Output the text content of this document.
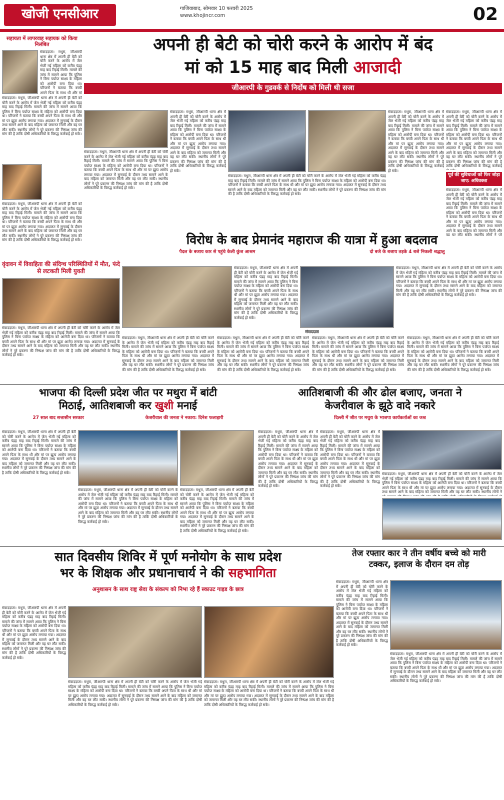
खोजी एनसीआर	गाजियाबाद, सोमवार 10 फरवरी 2025
www.khojincr.com	02
सहायता में लापरवाह सहायक को किया निलंबित
संवाददाता। मथुरा, जीआरपी थाना क्षेत्र में अपनी ही बेटी को चोरी करने के आरोप में जेल भेजी गई महिला को करीब पंद्रह माह बाद रिहाई मिली। मामले की जांच में सामने आया कि पुलिस ने बिना पर्याप्त साक्ष्य के महिला को आरोपी बना दिया था। परिजनों ने बताया कि बच्ची अपने पिता के साथ थी और मां
संवाददाता। मथुरा, जीआरपी थाना क्षेत्र में अपनी ही बेटी को चोरी करने के आरोप में जेल भेजी गई महिला को करीब पंद्रह माह बाद रिहाई मिली। मामले की जांच में सामने आया कि पुलिस ने बिना पर्याप्त साक्ष्य के महिला को आरोपी बना दिया था। परिजनों ने बताया कि बच्ची अपने पिता के साथ थी और मां पर झूठा आरोप लगाया गया। अदालत में सुनवाई के दौरान तथ्य सामने आने के बाद महिला को जमानत मिली और वह घर लौट सकी। स्थानीय लोगों ने पूरे प्रकरण की निष्पक्ष जांच की मांग की है ताकि दोषी अधिकारियों के विरुद्ध कार्रवाई हो सके।
संवाददाता। मथुरा, जीआरपी थाना क्षेत्र में अपनी ही बेटी को चोरी करने के आरोप में जेल भेजी गई महिला को करीब पंद्रह माह बाद रिहाई मिली। मामले की जांच में सामने आया कि पुलिस ने बिना पर्याप्त साक्ष्य के महिला को आरोपी बना दिया था। परिजनों ने बताया कि बच्ची अपने पिता के साथ थी और मां पर झूठा आरोप लगाया गया। अदालत में सुनवाई के दौरान तथ्य सामने आने के बाद महिला को जमानत मिली और वह घर लौट सकी। स्थानीय लोगों ने पूरे प्रकरण की निष्पक्ष जांच की मांग की है ताकि दोषी अधिकारियों के विरुद्ध कार्रवाई हो सके।
अपनी ही बेटी को चोरी करने के आरोप में बंद
मां को 15 माह बाद मिली आजादी
जीआरपी के गुडवर्क से निर्दोष को मिली थी सजा
संवाददाता। मथुरा, जीआरपी थाना क्षेत्र में अपनी ही बेटी को चोरी करने के आरोप में जेल भेजी गई महिला को करीब पंद्रह माह बाद रिहाई मिली। मामले की जांच में सामने आया कि पुलिस ने बिना पर्याप्त साक्ष्य के महिला को आरोपी बना दिया था। परिजनों ने बताया कि बच्ची अपने पिता के साथ थी और मां पर झूठा आरोप लगाया गया। अदालत में सुनवाई के दौरान तथ्य सामने आने के बाद महिला को जमानत मिली और वह घर लौट सकी। स्थानीय लोगों ने पूरे प्रकरण की निष्पक्ष जांच की मांग की है ताकि दोषी अधिकारियों के विरुद्ध कार्रवाई हो सके।
संवाददाता। मथुरा, जीआरपी थाना क्षेत्र में अपनी ही बेटी को चोरी करने के आरोप में जेल भेजी गई महिला को करीब पंद्रह माह बाद रिहाई मिली। मामले की जांच में सामने आया कि पुलिस ने बिना पर्याप्त साक्ष्य के महिला को आरोपी बना दिया था। परिजनों ने बताया कि बच्ची अपने पिता के साथ थी और मां पर झूठा आरोप लगाया गया। अदालत में सुनवाई के दौरान तथ्य सामने आने के बाद महिला को जमानत मिली और वह घर लौट सकी। स्थानीय लोगों ने पूरे प्रकरण की निष्पक्ष जांच की मांग की है ताकि दोषी अधिकारियों के विरुद्ध कार्रवाई हो सके।
संवाददाता। मथुरा, जीआरपी थाना क्षेत्र में अपनी ही बेटी को चोरी करने के आरोप में जेल भेजी गई महिला को करीब पंद्रह माह बाद रिहाई मिली। मामले की जांच में सामने आया कि पुलिस ने बिना पर्याप्त साक्ष्य के महिला को आरोपी बना दिया था। परिजनों ने बताया कि बच्ची अपने पिता के साथ थी और मां पर झूठा आरोप लगाया गया। अदालत में सुनवाई के दौरान तथ्य सामने आने के बाद महिला को जमानत मिली और वह घर लौट सकी। स्थानीय लोगों ने पूरे प्रकरण की निष्पक्ष जांच की मांग की है ताकि दोषी अधिकारियों के विरुद्ध कार्रवाई हो सके।
संवाददाता। मथुरा, जीआरपी थाना क्षेत्र में अपनी ही बेटी को चोरी करने के आरोप में जेल भेजी गई महिला को करीब पंद्रह माह बाद रिहाई मिली। मामले की जांच में सामने आया कि पुलिस ने बिना पर्याप्त साक्ष्य के महिला को आरोपी बना दिया था। परिजनों ने बताया कि बच्ची अपने पिता के साथ थी और मां पर झूठा आरोप लगाया गया। अदालत में सुनवाई के दौरान तथ्य सामने आने के बाद महिला को जमानत मिली और वह घर लौट सकी। स्थानीय लोगों ने पूरे प्रकरण की निष्पक्ष जांच की मांग की है ताकि दोषी अधिकारियों के विरुद्ध कार्रवाई हो सके।
संवाददाता। मथुरा, जीआरपी थाना क्षेत्र में अपनी ही बेटी को चोरी करने के आरोप में जेल भेजी गई महिला को करीब पंद्रह माह बाद रिहाई मिली। मामले की जांच में सामने आया कि पुलिस ने बिना पर्याप्त साक्ष्य के महिला को आरोपी बना दिया था। परिजनों ने बताया कि बच्ची अपने पिता के साथ थी और मां पर झूठा आरोप लगाया गया। अदालत में सुनवाई के दौरान तथ्य सामने आने के बाद महिला को जमानत मिली और वह घर लौट सकी। स्थानीय लोगों ने पूरे प्रकरण की निष्पक्ष जांच की मांग की है ताकि दोषी अधिकारियों के विरुद्ध कार्रवाई
पूर्व की सुविधाओं को फिर जोड़ा जाए: अधिवक्ता
संवाददाता। मथुरा, जीआरपी थाना क्षेत्र में अपनी ही बेटी को चोरी करने के आरोप में जेल भेजी गई महिला को करीब पंद्रह माह बाद रिहाई मिली। मामले की जांच में सामने आया कि पुलिस ने बिना पर्याप्त साक्ष्य के महिला को आरोपी बना दिया था। परिजनों ने बताया कि बच्ची अपने पिता के साथ थी और मां पर झूठा आरोप लगाया गया। अदालत में सुनवाई के दौरान तथ्य सामने आने के बाद महिला को जमानत मिली और वह घर लौट सकी। स्थानीय लोगों ने पूरे
वृंदावन में विवाहिता की संदिग्ध परिस्थितियों में मौत, फंदे से लटकती मिली युवती
संवाददाता। मथुरा, जीआरपी थाना क्षेत्र में अपनी ही बेटी को चोरी करने के आरोप में जेल भेजी गई महिला को करीब पंद्रह माह बाद रिहाई मिली। मामले की जांच में सामने आया कि पुलिस ने बिना पर्याप्त साक्ष्य के महिला को आरोपी बना दिया था। परिजनों ने बताया कि बच्ची अपने पिता के साथ थी और मां पर झूठा आरोप लगाया गया। अदालत में सुनवाई के दौरान तथ्य सामने आने के बाद महिला को जमानत मिली और वह घर लौट सकी। स्थानीय लोगों ने पूरे प्रकरण की निष्पक्ष जांच की मांग की है ताकि दोषी अधिकारियों के विरुद्ध कार्रवाई हो सके।
विरोध के बाद प्रेमानंद महाराज की यात्रा में हुआ बदलाव
पैदल के बजाय कार से पहुंचे केली कुंज आश्रम	दो बजे के बजाय तड़के 4 बजे निकली श्रद्धालु
संवाददाता। मथुरा, जीआरपी थाना क्षेत्र में अपनी ही बेटी को चोरी करने के आरोप में जेल भेजी गई महिला को करीब पंद्रह माह बाद रिहाई मिली। मामले की जांच में सामने आया कि पुलिस ने बिना पर्याप्त साक्ष्य के महिला को आरोपी बना दिया था। परिजनों ने बताया कि बच्ची अपने पिता के साथ थी और मां पर झूठा आरोप लगाया गया। अदालत में सुनवाई के दौरान तथ्य सामने आने के बाद महिला को जमानत मिली और वह घर लौट सकी। स्थानीय लोगों ने पूरे प्रकरण की निष्पक्ष जांच की मांग की है ताकि दोषी अधिकारियों के विरुद्ध कार्रवाई हो सके।
संवाददाता। मथुरा, जीआरपी थाना क्षेत्र में अपनी ही बेटी को चोरी करने के आरोप में जेल भेजी गई महिला को करीब पंद्रह माह बाद रिहाई मिली। मामले की जांच में सामने आया कि पुलिस ने बिना पर्याप्त साक्ष्य के महिला को आरोपी बना दिया था। परिजनों ने बताया कि बच्ची अपने पिता के साथ थी और मां पर झूठा आरोप लगाया गया। अदालत में सुनवाई के दौरान तथ्य सामने आने के बाद महिला को जमानत मिली और वह घर लौट सकी। स्थानीय लोगों ने पूरे प्रकरण की निष्पक्ष जांच की मांग की है ताकि दोषी अधिकारियों के विरुद्ध कार्रवाई हो सके।
संवाददाता
संवाददाता। मथुरा, जीआरपी थाना क्षेत्र में अपनी ही बेटी को चोरी करने के आरोप में जेल भेजी गई महिला को करीब पंद्रह माह बाद रिहाई मिली। मामले की जांच में सामने आया कि पुलिस ने बिना पर्याप्त साक्ष्य के महिला को आरोपी बना दिया था। परिजनों ने बताया कि बच्ची अपने पिता के साथ थी और मां पर झूठा आरोप लगाया गया। अदालत में सुनवाई के दौरान तथ्य सामने आने के बाद महिला को जमानत मिली और वह घर लौट सकी। स्थानीय लोगों ने पूरे प्रकरण की निष्पक्ष जांच की मांग की है ताकि दोषी अधिकारियों के विरुद्ध कार्रवाई हो सके।
संवाददाता। मथुरा, जीआरपी थाना क्षेत्र में अपनी ही बेटी को चोरी करने के आरोप में जेल भेजी गई महिला को करीब पंद्रह माह बाद रिहाई मिली। मामले की जांच में सामने आया कि पुलिस ने बिना पर्याप्त साक्ष्य के महिला को आरोपी बना दिया था। परिजनों ने बताया कि बच्ची अपने पिता के साथ थी और मां पर झूठा आरोप लगाया गया। अदालत में सुनवाई के दौरान तथ्य सामने आने के बाद महिला को जमानत मिली और वह घर लौट सकी। स्थानीय लोगों ने पूरे प्रकरण की निष्पक्ष जांच की मांग की है ताकि दोषी अधिकारियों के विरुद्ध कार्रवाई हो सके।
संवाददाता। मथुरा, जीआरपी थाना क्षेत्र में अपनी ही बेटी को चोरी करने के आरोप में जेल भेजी गई महिला को करीब पंद्रह माह बाद रिहाई मिली। मामले की जांच में सामने आया कि पुलिस ने बिना पर्याप्त साक्ष्य के महिला को आरोपी बना दिया था। परिजनों ने बताया कि बच्ची अपने पिता के साथ थी और मां पर झूठा आरोप लगाया गया। अदालत में सुनवाई के दौरान तथ्य सामने आने के बाद महिला को जमानत मिली और वह घर लौट सकी। स्थानीय लोगों ने पूरे प्रकरण की निष्पक्ष जांच की मांग की है ताकि दोषी अधिकारियों के विरुद्ध कार्रवाई हो सके।
संवाददाता। मथुरा, जीआरपी थाना क्षेत्र में अपनी ही बेटी को चोरी करने के आरोप में जेल भेजी गई महिला को करीब पंद्रह माह बाद रिहाई मिली। मामले की जांच में सामने आया कि पुलिस ने बिना पर्याप्त साक्ष्य के महिला को आरोपी बना दिया था। परिजनों ने बताया कि बच्ची अपने पिता के साथ थी और मां पर झूठा आरोप लगाया गया। अदालत में सुनवाई के दौरान तथ्य सामने आने के बाद महिला को जमानत मिली और वह घर लौट सकी। स्थानीय लोगों ने पूरे प्रकरण की निष्पक्ष जांच की मांग की है ताकि दोषी अधिकारियों के विरुद्ध कार्रवाई हो सके।
भाजपा की दिल्ली प्रदेश जीत पर मथुरा में बांटी
मिठाई, आतिशबाजी कर खुशी मनाई
27 साल बाद सत्तासीन सरकार	केजरीवाल की जनता ने नकारा: दिनेश फलाहारी
संवाददाता। मथुरा, जीआरपी थाना क्षेत्र में अपनी ही बेटी को चोरी करने के आरोप में जेल भेजी गई महिला को करीब पंद्रह माह बाद रिहाई मिली। मामले की जांच में सामने आया कि पुलिस ने बिना पर्याप्त साक्ष्य के महिला को आरोपी बना दिया था। परिजनों ने बताया कि बच्ची अपने पिता के साथ थी और मां पर झूठा आरोप लगाया गया। अदालत में सुनवाई के दौरान तथ्य सामने आने के बाद महिला को जमानत मिली और वह घर लौट सकी। स्थानीय लोगों ने पूरे प्रकरण की निष्पक्ष जांच की मांग की है ताकि दोषी अधिकारियों के विरुद्ध कार्रवाई हो सके।
संवाददाता। मथुरा, जीआरपी थाना क्षेत्र में अपनी ही बेटी को चोरी करने के आरोप में जेल भेजी गई महिला को करीब पंद्रह माह बाद रिहाई मिली। मामले की जांच में सामने आया कि पुलिस ने बिना पर्याप्त साक्ष्य के महिला को आरोपी बना दिया था। परिजनों ने बताया कि बच्ची अपने पिता के साथ थी और मां पर झूठा आरोप लगाया गया। अदालत में सुनवाई के दौरान तथ्य सामने आने के बाद महिला को जमानत मिली और वह घर लौट सकी। स्थानीय लोगों ने पूरे प्रकरण की निष्पक्ष जांच की मांग की है ताकि दोषी अधिकारियों के विरुद्ध कार्रवाई हो सके।
संवाददाता। मथुरा, जीआरपी थाना क्षेत्र में अपनी ही बेटी को चोरी करने के आरोप में जेल भेजी गई महिला को करीब पंद्रह माह बाद रिहाई मिली। मामले की जांच में सामने आया कि पुलिस ने बिना पर्याप्त साक्ष्य के महिला को आरोपी बना दिया था। परिजनों ने बताया कि बच्ची अपने पिता के साथ थी और मां पर झूठा आरोप लगाया गया। अदालत में सुनवाई के दौरान तथ्य सामने आने के बाद महिला को जमानत मिली और वह घर लौट सकी। स्थानीय लोगों ने पूरे प्रकरण की निष्पक्ष जांच की मांग की है ताकि दोषी अधिकारियों के विरुद्ध कार्रवाई हो सके।
आतिशबाजी की और ढोल बजाए, जनता ने
केजरीवाल के झूठे वादे नकारे
दिल्ली में जीत पर मथुरा के भाजपा कार्यकर्ताओं का जश्न
संवाददाता। मथुरा, जीआरपी थाना क्षेत्र में अपनी ही बेटी को चोरी करने के आरोप में जेल भेजी गई महिला को करीब पंद्रह माह बाद रिहाई मिली। मामले की जांच में सामने आया कि पुलिस ने बिना पर्याप्त साक्ष्य के महिला को आरोपी बना दिया था। परिजनों ने बताया कि बच्ची अपने पिता के साथ थी और मां पर झूठा आरोप लगाया गया। अदालत में सुनवाई के दौरान तथ्य सामने आने के बाद महिला को जमानत मिली और वह घर लौट सकी। स्थानीय लोगों ने पूरे प्रकरण की निष्पक्ष जांच की मांग की है ताकि दोषी अधिकारियों के विरुद्ध कार्रवाई हो सके।
संवाददाता। मथुरा, जीआरपी थाना क्षेत्र में अपनी ही बेटी को चोरी करने के आरोप में जेल भेजी गई महिला को करीब पंद्रह माह बाद रिहाई मिली। मामले की जांच में सामने आया कि पुलिस ने बिना पर्याप्त साक्ष्य के महिला को आरोपी बना दिया था। परिजनों ने बताया कि बच्ची अपने पिता के साथ थी और मां पर झूठा आरोप लगाया गया। अदालत में सुनवाई के दौरान तथ्य सामने आने के बाद महिला को जमानत मिली और वह घर लौट सकी। स्थानीय लोगों ने पूरे प्रकरण की निष्पक्ष जांच की मांग की है ताकि दोषी अधिकारियों के विरुद्ध कार्रवाई हो सके।
संवाददाता। मथुरा, जीआरपी थाना क्षेत्र में अपनी ही बेटी को चोरी करने के आरोप में जेल भेजी गई महिला को करीब पंद्रह माह बाद रिहाई मिली। मामले की जांच में सामने आया कि पुलिस ने बिना पर्याप्त साक्ष्य के महिला को आरोपी बना दिया था। परिजनों ने बताया कि बच्ची अपने पिता के साथ थी और मां पर झूठा आरोप लगाया गया। अदालत में सुनवाई के दौरान तथ्य सामने आने के बाद महिला को जमानत मिली और वह घर लौट सकी। स्थानीय लोगों ने
सात दिवसीय शिविर में पूर्ण मनोयोग के साथ प्रदेश
भर के शिक्षक और प्रधानाचार्य ने की सहभागिता
अनुशासन के साथ राष्ट्र सेवा के संकल्प को निभा रहे हैं स्काउट गाइड के छात्र
संवाददाता। मथुरा, जीआरपी थाना क्षेत्र में अपनी ही बेटी को चोरी करने के आरोप में जेल भेजी गई महिला को करीब पंद्रह माह बाद रिहाई मिली। मामले की जांच में सामने आया कि पुलिस ने बिना पर्याप्त साक्ष्य के महिला को आरोपी बना दिया था। परिजनों ने बताया कि बच्ची अपने पिता के साथ थी और मां पर झूठा आरोप लगाया गया। अदालत में सुनवाई के दौरान तथ्य सामने आने के बाद महिला को जमानत मिली और वह घर लौट सकी। स्थानीय लोगों ने पूरे प्रकरण की निष्पक्ष जांच की मांग की है ताकि दोषी अधिकारियों के विरुद्ध कार्रवाई हो सके।
संवाददाता। मथुरा, जीआरपी थाना क्षेत्र में अपनी ही बेटी को चोरी करने के आरोप में जेल भेजी गई महिला को करीब पंद्रह माह बाद रिहाई मिली। मामले की जांच में सामने आया कि पुलिस ने बिना पर्याप्त साक्ष्य के महिला को आरोपी बना दिया था। परिजनों ने बताया कि बच्ची अपने पिता के साथ थी और मां पर झूठा आरोप लगाया गया। अदालत में सुनवाई के दौरान तथ्य सामने आने के बाद महिला को जमानत मिली और वह घर लौट सकी। स्थानीय लोगों ने पूरे प्रकरण की निष्पक्ष जांच की मांग की है ताकि दोषी अधिकारियों के विरुद्ध कार्रवाई हो सके।
संवाददाता। मथुरा, जीआरपी थाना क्षेत्र में अपनी ही बेटी को चोरी करने के आरोप में जेल भेजी गई महिला को करीब पंद्रह माह बाद रिहाई मिली। मामले की जांच में सामने आया कि पुलिस ने बिना पर्याप्त साक्ष्य के महिला को आरोपी बना दिया था। परिजनों ने बताया कि बच्ची अपने पिता के साथ थी और मां पर झूठा आरोप लगाया गया। अदालत में सुनवाई के दौरान तथ्य सामने आने के बाद महिला को जमानत मिली और वह घर लौट सकी। स्थानीय लोगों ने पूरे प्रकरण की निष्पक्ष जांच की मांग की है ताकि दोषी अधिकारियों के विरुद्ध कार्रवाई हो सके।
तेज रफ्तार कार ने तीन वर्षीय बच्चे को मारी
टक्कर, इलाज के दौरान दम तोड़
संवाददाता। मथुरा, जीआरपी थाना क्षेत्र में अपनी ही बेटी को चोरी करने के आरोप में जेल भेजी गई महिला को करीब पंद्रह माह बाद रिहाई मिली। मामले की जांच में सामने आया कि पुलिस ने बिना पर्याप्त साक्ष्य के महिला को आरोपी बना दिया था। परिजनों ने बताया कि बच्ची अपने पिता के साथ थी और मां पर झूठा आरोप लगाया गया। अदालत में सुनवाई के दौरान तथ्य सामने आने के बाद महिला को जमानत मिली और वह घर लौट सकी। स्थानीय लोगों ने पूरे प्रकरण की निष्पक्ष जांच की मांग की है ताकि दोषी अधिकारियों के विरुद्ध कार्रवाई हो सके।
संवाददाता। मथुरा, जीआरपी थाना क्षेत्र में अपनी ही बेटी को चोरी करने के आरोप में जेल भेजी गई महिला को करीब पंद्रह माह बाद रिहाई मिली। मामले की जांच में सामने आया कि पुलिस ने बिना पर्याप्त साक्ष्य के महिला को आरोपी बना दिया था। परिजनों ने बताया कि बच्ची अपने पिता के साथ थी और मां पर झूठा आरोप लगाया गया। अदालत में सुनवाई के दौरान तथ्य सामने आने के बाद महिला को जमानत मिली और वह घर लौट सकी। स्थानीय लोगों ने पूरे प्रकरण की निष्पक्ष जांच की मांग की है ताकि दोषी अधिकारियों के विरुद्ध कार्रवाई हो सके।
